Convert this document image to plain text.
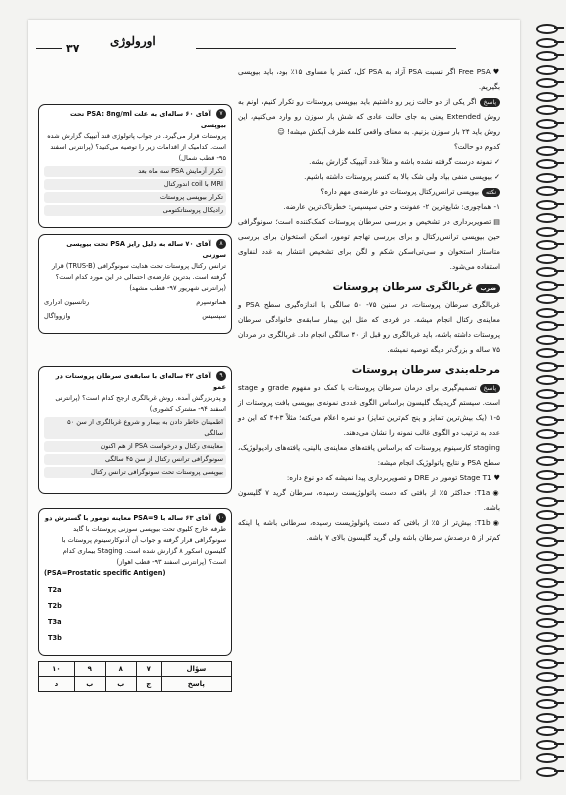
۳۷
اورولوژی
۷ آقای ۶۰ ساله‌ای به علت PSA: 8ng/ml تحت بیوپسی
پروستات قرار می‌گیرد. در جواب پاتولوژی قند آتیپیک گزارش شده است. کدامیک از اقدامات زیر را توصیه می‌کنید؟ (پرانترنی اسفند ۹۵- قطب شمال)
تکرار آزمایش PSA سه ماه بعد
MRI با coil اندورکتال
تکرار بیوپسی پروستات
رادیکال پروستاتکتومی
۸ آقای ۷۰ ساله به دلیل رایز PSA تحت بیوپسی سوزنی
ترانس رکتال پروستات تحت هدایت سونوگرافی (TRUS-B) قرار گرفته است. بدترین عارضه‌ی احتمالی در این مورد کدام است؟ (پرانترنی شهریور ۹۷- قطب مشهد)
هماتوسپرم
رتانسیون ادراری
سپسیس
وازوواگال
۹ آقای ۴۲ ساله‌ای با سابقه‌ی سرطان پروستات در عمو
و پدربزرگش آمده. روش غربالگری ارجح کدام است؟ (پرانترنی اسفند ۹۴- مشترک کشوری)
اطمینان خاطر دادن به بیمار و شروع غربالگری از سن ۵۰ سالگی
معاینه‌ی رکتال و درخواست PSA از هم اکنون
سونوگرافی ترانس رکتال از سن ۴۵ سالگی
بیوپسی پروستات تحت سونوگرافی ترانس رکتال
۱۰ آقای ۶۳ ساله با PSA=9 معاینه تومور با گسترش دو
طرفه خارج کلیوی تحت بیوپسی سوزنی پروستات با گاید سونوگرافی قرار گرفته و جواب آن آدنوکارسینوم پروستات با گلیسون اسکور ۸ گزارش شده است. Staging بیماری کدام است؟ (پرانترنی اسفند ۹۳- قطب اهواز)
(PSA=Prostatic specific Antigen)
T2a
T2b
T3a
T3b
سؤال	۷	۸	۹	۱۰
پاسخ	ج	ب	ب	د

♥Free PSA اگر نسبت PSA آزاد به PSA کل، کمتر یا مساوی ۱۵٪ بود، باید بیوپسی بگیریم.

پاسخاگر یکی از دو حالت زیر رو داشتیم باید بیوپسی پروستات رو تکرار کنیم، اونم به روش Extended یعنی به جای حالت عادی که شش بار سوزن رو وارد می‌کنیم، این روش باید ۲۴ بار سوزن بزنیم. به معنای واقعی کلمه ظرف آبکش میشه! ☺

کدوم دو حالت؟

✓نمونه درست گرفته نشده باشه و مثلاً غدد آتیپیک گزارش بشه.

✓بیوپسی منفی بیاد ولی شک بالا به کنسر پروستات داشته باشیم.

نکتهبیوپسی ترانس‌رکتال پروستات دو عارضه‌ی مهم داره؟

۱- هماچوری: شایع‌ترین ۲- عفونت و حتی سپسیس: خطرناک‌ترین عارضه.

▤تصویربرداری در تشخیص و بررسی سرطان پروستات کمک‌کننده است؛ سونوگرافی حین بیوپسی ترانس‌رکتال و برای بررسی تهاجم تومور، اسکن استخوان برای بررسی متاستاز استخوان و سی‌تی‌اسکن شکم و لگن برای تشخیص انتشار به غدد لنفاوی استفاده می‌شود.

ضربغربالگری سرطان پروستات

غربالگری سرطان پروستات، در سنین ۷۵- ۵۰ سالگی با اندازه‌گیری سطح PSA و معاینه‌ی رکتال انجام میشه. در فردی که مثل این بیمار سابقه‌ی خانوادگی سرطان پروستات داشته باشه، باید غربالگری رو قبل از ۴۰ سالگی انجام داد. غربالگری در مردان ۷۵ ساله و بزرگ‌تر دیگه توصیه نمیشه.

مرحله‌بندی سرطان پروستات

پاسختصمیم‌گیری برای درمان سرطان پروستات با کمک دو مفهوم grade و stage است. سیستم گریدینگ گلیسون براساس الگوی غددی نمونه‌ی بیوپسی بافت پروستات از ۵-۱ (یک بیش‌ترین تمایز و پنج کم‌ترین تمایز) دو نمره اعلام می‌کنه؛ مثلاً ۳+۴ که این دو عدد به ترتیب دو الگوی غالب نمونه را نشان می‌دهند.

staging کارسینوم پروستات که براساس یافته‌های معاینه‌ی بالینی، یافته‌های رادیولوژیک، سطح PSA و نتایج پاتولوژیک انجام میشه:

♥Stage T1 تومور در DRE و تصویربرداری پیدا نمیشه که دو نوع داره:

◉T1a: حداکثر ۵٪ از بافتی که دست پاتولوژیست رسیده، سرطان گرید ۷ گلیسون باشه.

◉T1b: بیش‌تر از ۵٪ از بافتی که دست پاتولوژیست رسیده، سرطانی باشه یا اینکه کم‌تر از ۵ درصدش سرطان باشه ولی گرید گلیسون بالای ۷ باشه.
